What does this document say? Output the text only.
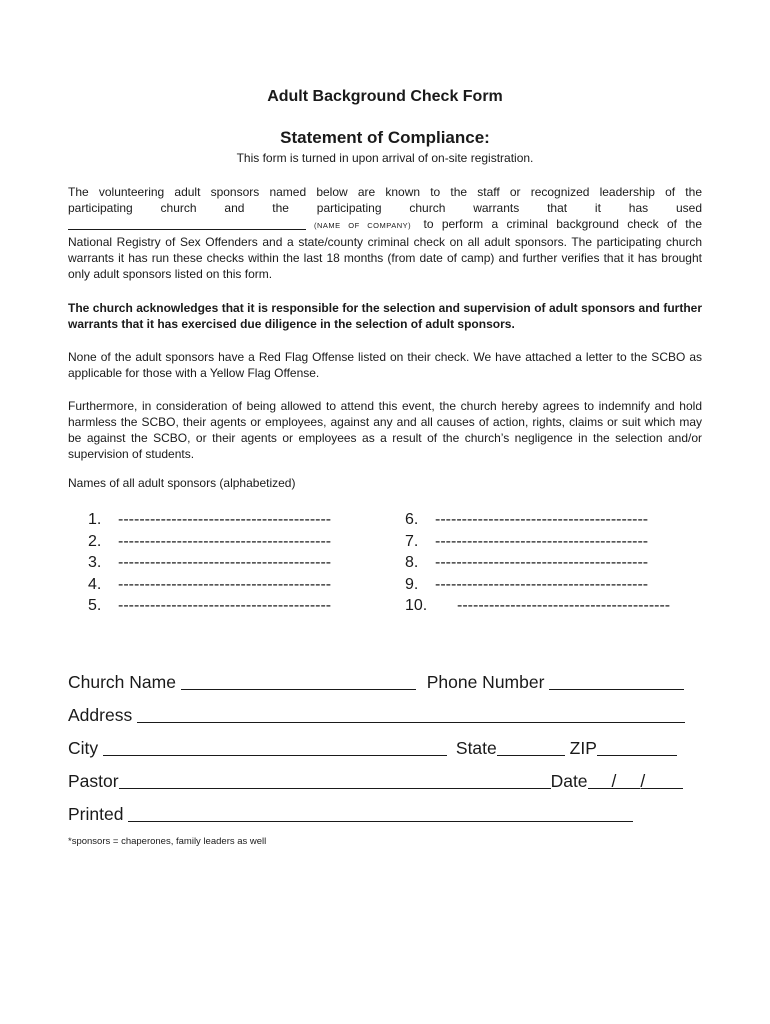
Adult Background Check Form
Statement of Compliance:
This form is turned in upon arrival of on-site registration.
The volunteering adult sponsors named below are known to the staff or recognized leadership of the
participating church and the participating church warrants that it has used
(NAME OF COMPANY) to perform a criminal background check of the
National Registry of Sex Offenders and a state/county criminal check on all adult sponsors. The participating church warrants it has run these checks within the last 18 months (from date of camp) and further verifies that it has brought only adult sponsors listed on this form.
The church acknowledges that it is responsible for the selection and supervision of adult sponsors and further warrants that it has exercised due diligence in the selection of adult sponsors.
None of the adult sponsors have a Red Flag Offense listed on their check. We have attached a letter to the SCBO as applicable for those with a Yellow Flag Offense.
Furthermore, in consideration of being allowed to attend this event, the church hereby agrees to indemnify and hold harmless the SCBO, their agents or employees, against any and all causes of action, rights, claims or suit which may be against the SCBO, or their agents or employees as a result of the church’s negligence in the selection and/or supervision of students.
Names of all adult sponsors (alphabetized)
1. ----------------------------------------
2. ----------------------------------------
3. ----------------------------------------
4. ----------------------------------------
5. ----------------------------------------
6. ----------------------------------------
7. ----------------------------------------
8. ----------------------------------------
9. ----------------------------------------
10. ----------------------------------------
Church Name	Phone Number
Address
City	State	ZIP
Pastor	Date / /
Printed
*sponsors = chaperones, family leaders as well
